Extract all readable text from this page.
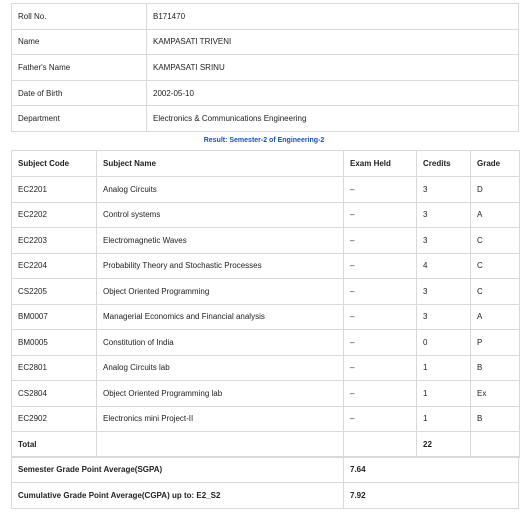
Roll No.	B171470
Name	KAMPASATI TRIVENI
Father's Name	KAMPASATI SRINU
Date of Birth	2002-05-10
Department	Electronics & Communications Engineering
Result: Semester-2 of Engineering-2
Subject Code	Subject Name	Exam Held	Credits	Grade
EC2201	Analog Circuits	–	3	D
EC2202	Control systems	–	3	A
EC2203	Electromagnetic Waves	–	3	C
EC2204	Probability Theory and Stochastic Processes	–	4	C
CS2205	Object Oriented Programming	–	3	C
BM0007	Managerial Economics and Financial analysis	–	3	A
BM0005	Constitution of India	–	0	P
EC2801	Analog Circuits lab	–	1	B
CS2804	Object Oriented Programming lab	–	1	Ex
EC2902	Electronics mini Project-II	–	1	B
Total			22	
Semester Grade Point Average(SGPA)	7.64
Cumulative Grade Point Average(CGPA) up to: E2_S2	7.92
